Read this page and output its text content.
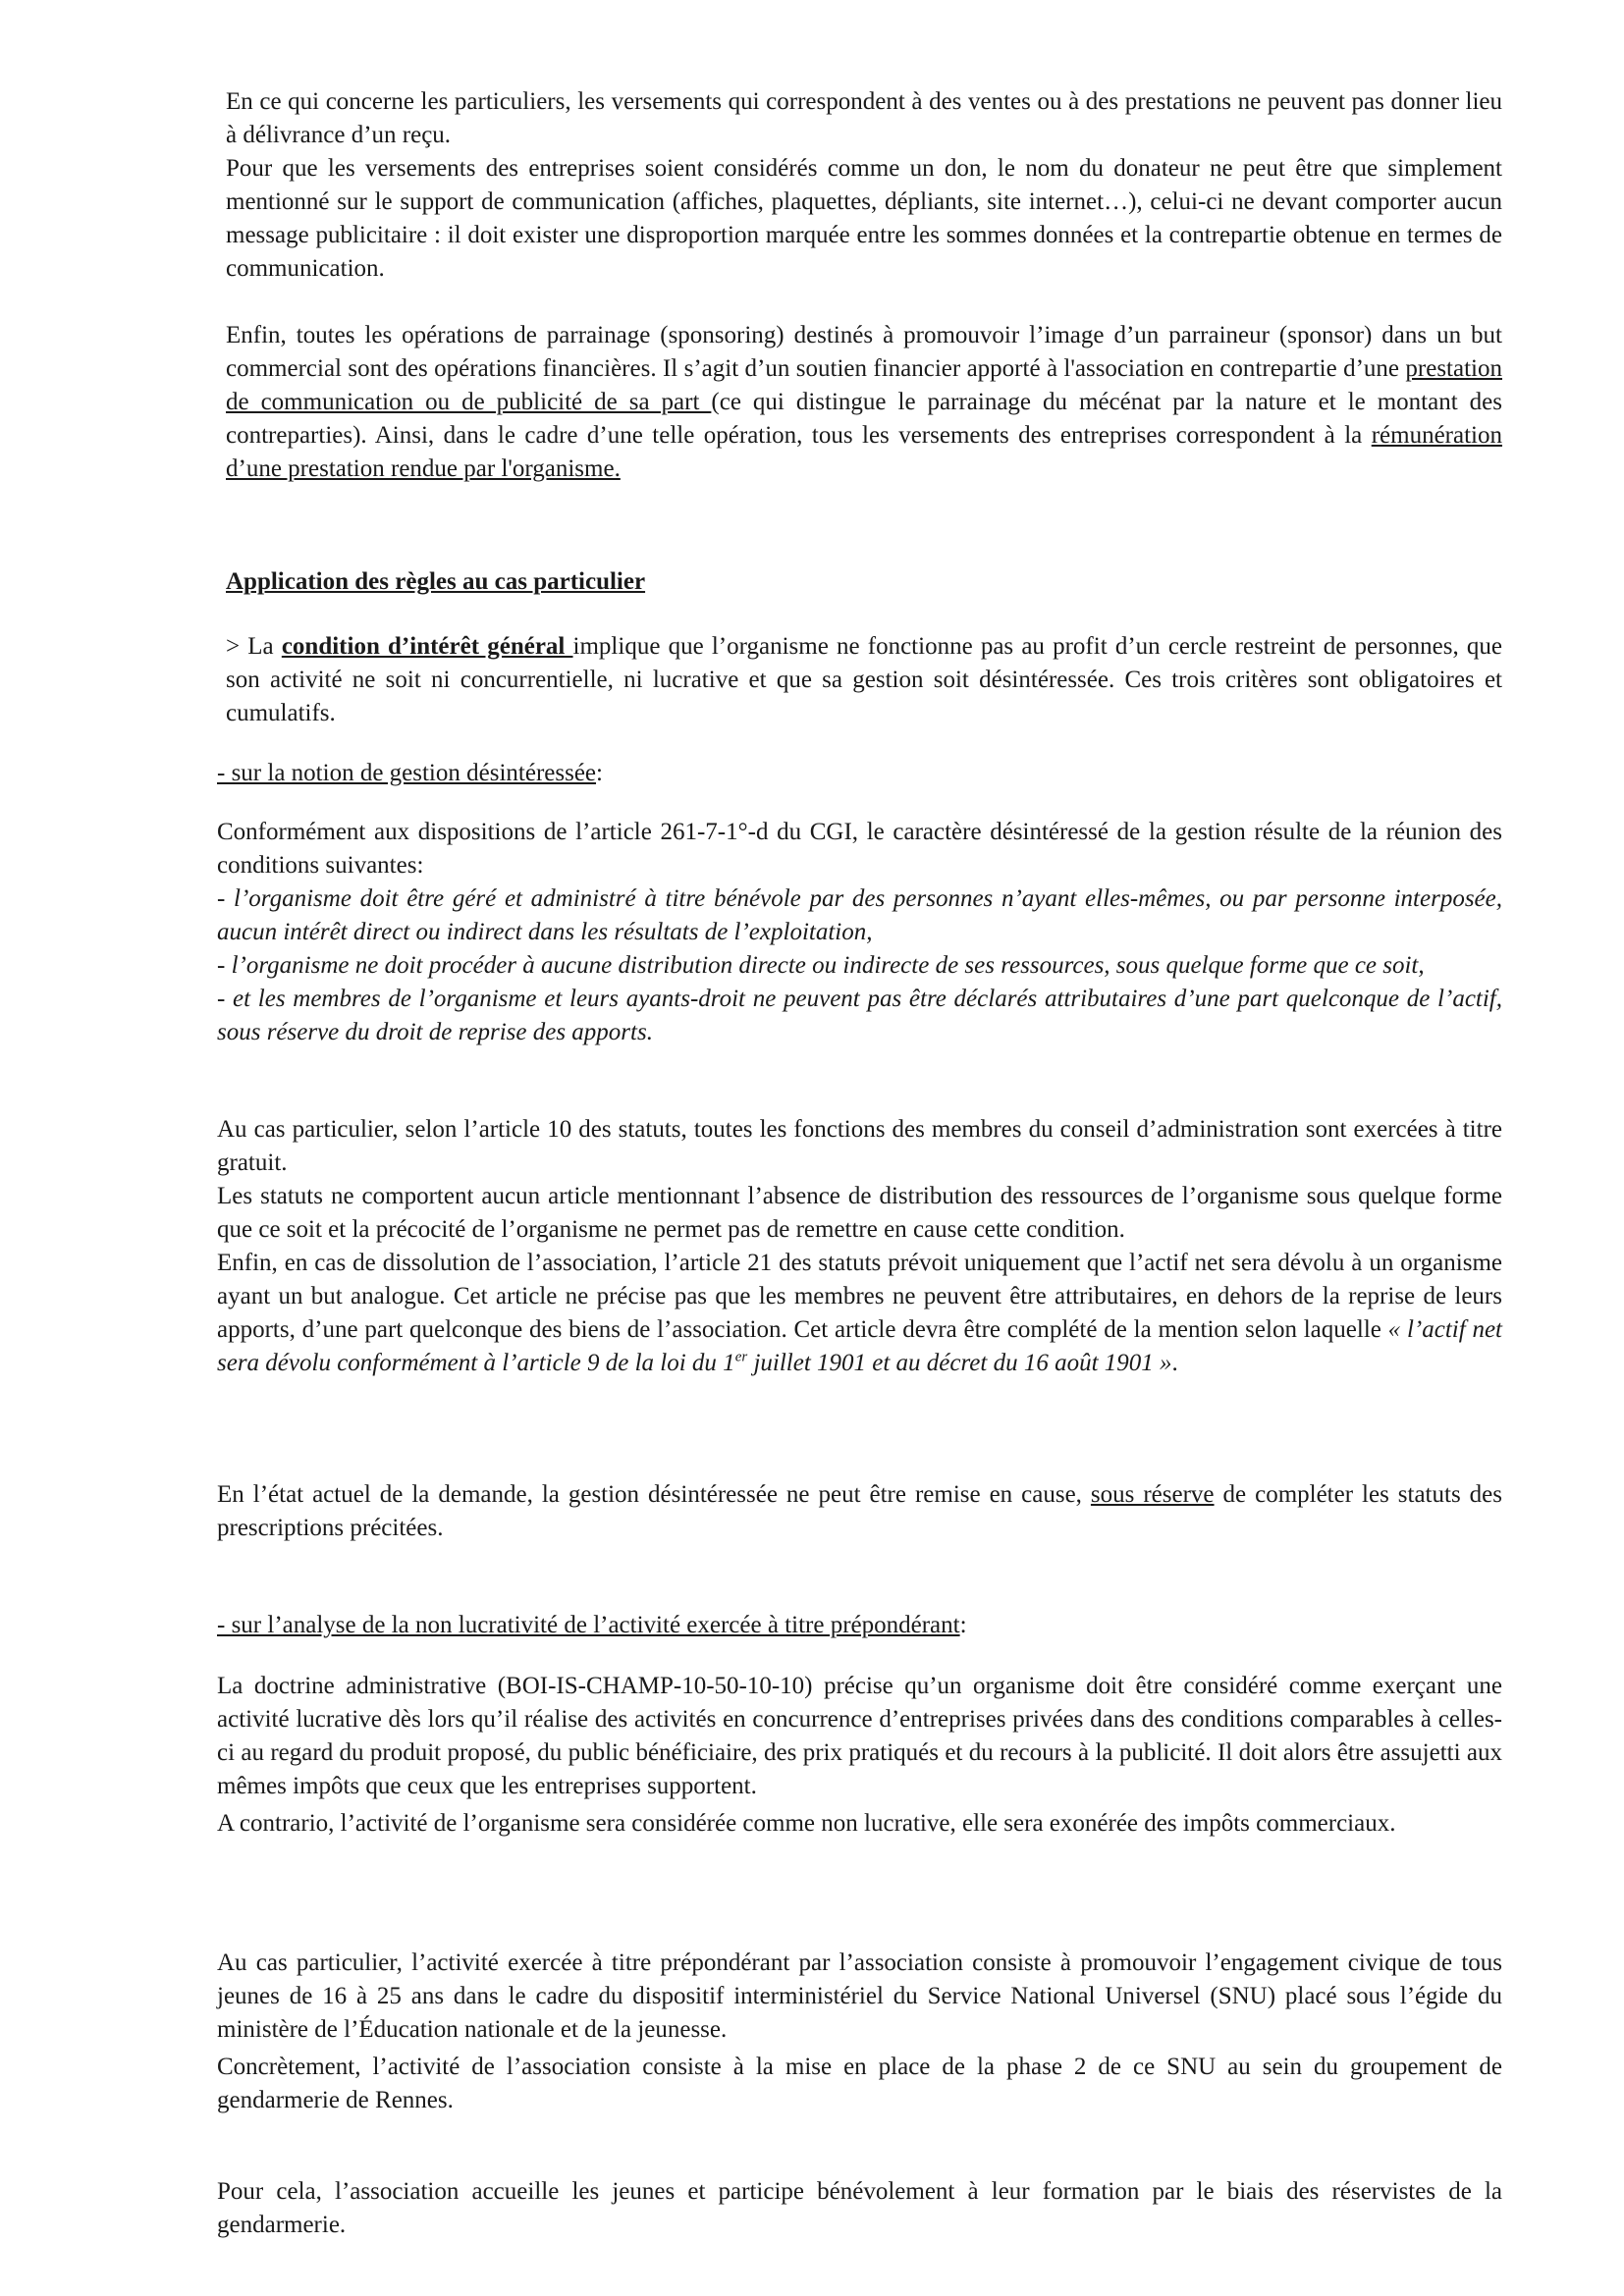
En ce qui concerne les particuliers, les versements qui correspondent à des ventes ou à des prestations ne peuvent pas donner lieu à délivrance d’un reçu.

Pour que les versements des entreprises soient considérés comme un don, le nom du donateur ne peut être que simplement mentionné sur le support de communication (affiches, plaquettes, dépliants, site internet…), celui-ci ne devant comporter aucun message publicitaire : il doit exister une disproportion marquée entre les sommes données et la contrepartie obtenue en termes de communication.

Enfin, toutes les opérations de parrainage (sponsoring) destinés à promouvoir l’image d’un parraineur (sponsor) dans un but commercial sont des opérations financières. Il s’agit d’un soutien financier apporté à l'association en contrepartie d’une prestation de communication ou de publicité de sa part (ce qui distingue le parrainage du mécénat par la nature et le montant des contreparties). Ainsi, dans le cadre d’une telle opération, tous les versements des entreprises correspondent à la rémunération d’une prestation rendue par l'organisme.

Application des règles au cas particulier

> La condition d’intérêt général implique que l’organisme ne fonctionne pas au profit d’un cercle restreint de personnes, que son activité ne soit ni concurrentielle, ni lucrative et que sa gestion soit désintéressée. Ces trois critères sont obligatoires et cumulatifs.

- sur la notion de gestion désintéressée:

Conformément aux dispositions de l’article 261-7-1°-d du CGI, le caractère désintéressé de la gestion résulte de la réunion des conditions suivantes:
- l’organisme doit être géré et administré à titre bénévole par des personnes n’ayant elles-mêmes, ou par personne interposée, aucun intérêt direct ou indirect dans les résultats de l’exploitation,
- l’organisme ne doit procéder à aucune distribution directe ou indirecte de ses ressources, sous quelque forme que ce soit,
- et les membres de l’organisme et leurs ayants-droit ne peuvent pas être déclarés attributaires d’une part quelconque de l’actif, sous réserve du droit de reprise des apports.

Au cas particulier, selon l’article 10 des statuts, toutes les fonctions des membres du conseil d’administration sont exercées à titre gratuit.
Les statuts ne comportent aucun article mentionnant l’absence de distribution des ressources de l’organisme sous quelque forme que ce soit et la précocité de l’organisme ne permet pas de remettre en cause cette condition.
Enfin, en cas de dissolution de l’association, l’article 21 des statuts prévoit uniquement que l’actif net sera dévolu à un organisme ayant un but analogue. Cet article ne précise pas que les membres ne peuvent être attributaires, en dehors de la reprise de leurs apports, d’une part quelconque des biens de l’association. Cet article devra être complété de la mention selon laquelle « l’actif net sera dévolu conformément à l’article 9 de la loi du 1er juillet 1901 et au décret du 16 août 1901 ».

En l’état actuel de la demande, la gestion désintéressée ne peut être remise en cause, sous réserve de compléter les statuts des prescriptions précitées.

- sur l’analyse de la non lucrativité de l’activité exercée à titre prépondérant:

La doctrine administrative (BOI-IS-CHAMP-10-50-10-10) précise qu’un organisme doit être considéré comme exerçant une activité lucrative dès lors qu’il réalise des activités en concurrence d’entreprises privées dans des conditions comparables à celles-ci au regard du produit proposé, du public bénéficiaire, des prix pratiqués et du recours à la publicité. Il doit alors être assujetti aux mêmes impôts que ceux que les entreprises supportent.
A contrario, l’activité de l’organisme sera considérée comme non lucrative, elle sera exonérée des impôts commerciaux.

Au cas particulier, l’activité exercée à titre prépondérant par l’association consiste à promouvoir l’engagement civique de tous jeunes de 16 à 25 ans dans le cadre du dispositif interministériel du Service National Universel (SNU) placé sous l’égide du ministère de l’Éducation nationale et de la jeunesse.
Concrètement, l’activité de l’association consiste à la mise en place de la phase 2 de ce SNU au sein du groupement de gendarmerie de Rennes.

Pour cela, l’association accueille les jeunes et participe bénévolement à leur formation par le biais des réservistes de la gendarmerie.
